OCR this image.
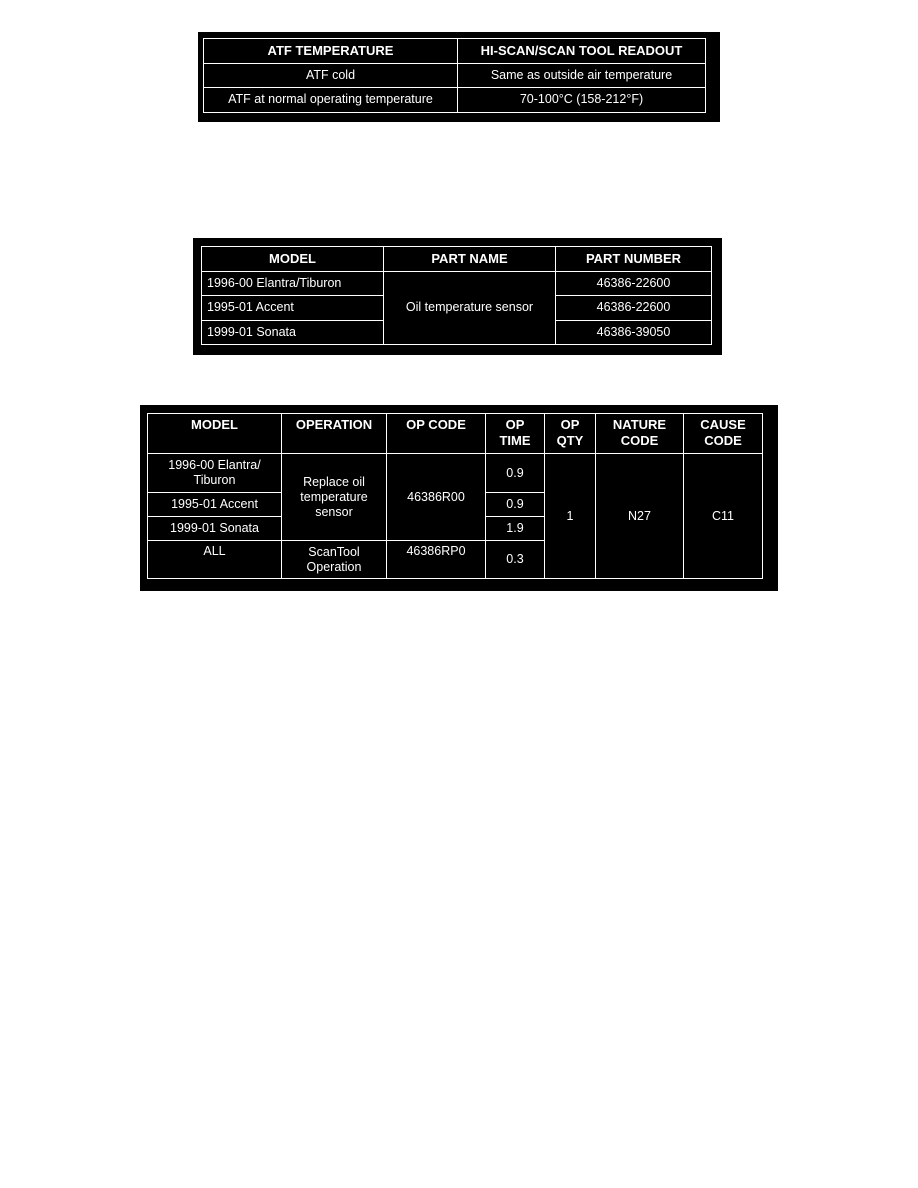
ATF TEMPERATURE	HI-SCAN/SCAN TOOL READOUT
ATF cold	Same as outside air temperature
ATF at normal operating temperature	70-100°C (158-212°F)
MODEL	PART NAME	PART NUMBER
1996-00 Elantra/Tiburon	Oil temperature sensor	46386-22600
1995-01 Accent		46386-22600
1999-01 Sonata		46386-39050
MODEL	OPERATION	OP CODE	OP TIME	OP QTY	NATURE CODE	CAUSE CODE
1996-00 Elantra/ Tiburon	Replace oil temperature sensor	46386R00	0.9	1	N27	C11
1995-01 Accent			0.9			
1999-01 Sonata			1.9			
ALL	ScanTool Operation	46386RP0	0.3			
